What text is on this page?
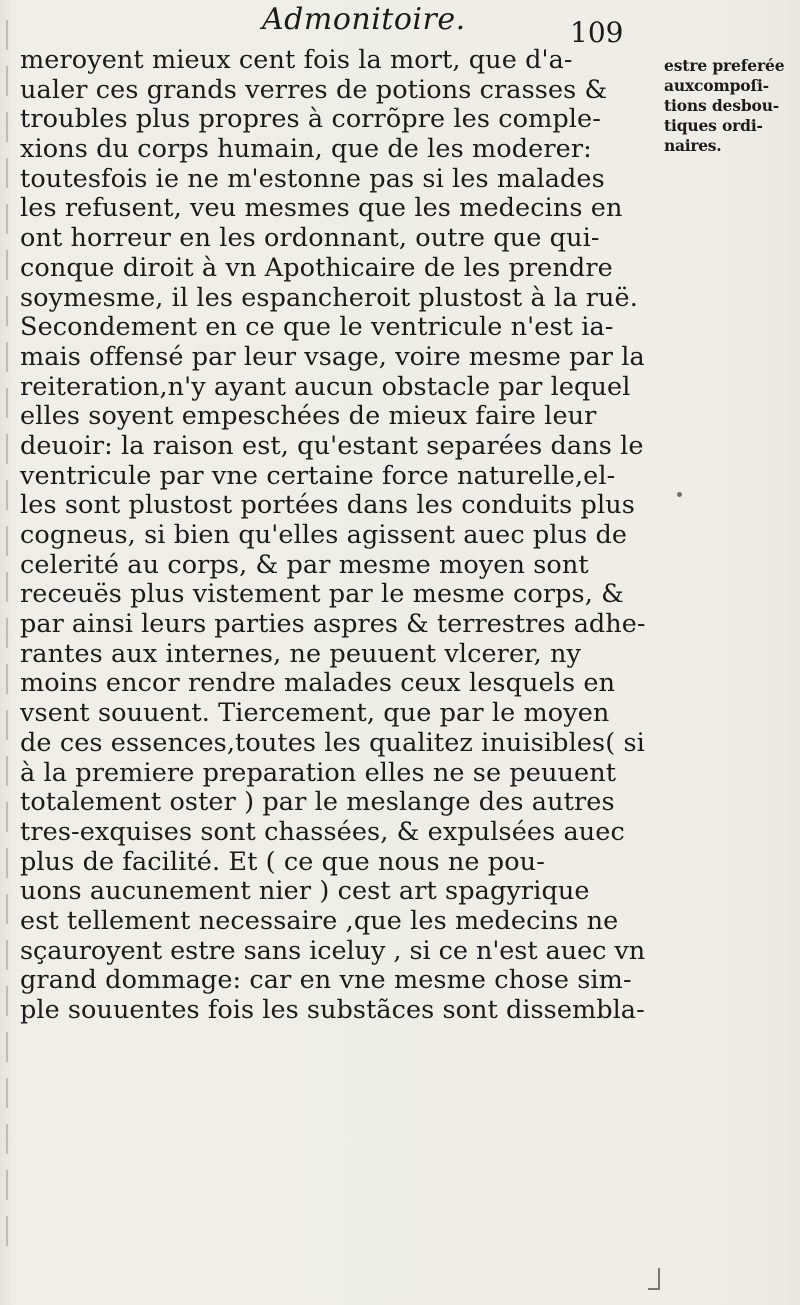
Admonitoire.	109
meroyent mieux cent fois la mort, que d'a-
ualer ces grands verres de potions crasses &
troubles plus propres à corrõpre les comple-
xions du corps humain, que de les moderer:
toutesfois ie ne m'estonne pas si les malades
les refusent, veu mesmes que les medecins en
ont horreur en les ordonnant, outre que qui-
conque diroit à vn Apothicaire de les prendre
soymesme, il les espancheroit plustost à la ruë.
Secondement en ce que le ventricule n'est ia-
mais offensé par leur vsage, voire mesme par la
reiteration,n'y ayant aucun obstacle par lequel
elles soyent empeschées de mieux faire leur
deuoir: la raison est, qu'estant separées dans le
ventricule par vne certaine force naturelle,el-
les sont plustost portées dans les conduits plus
cogneus, si bien qu'elles agissent auec plus de
celerité au corps, & par mesme moyen sont
receuës plus vistement par le mesme corps, &
par ainsi leurs parties aspres & terrestres adhe-
rantes aux internes, ne peuuent vlcerer, ny
moins encor rendre malades ceux lesquels en
vsent souuent. Tiercement, que par le moyen
de ces essences,toutes les qualitez inuisibles( si
à la premiere preparation elles ne se peuuent
totalement oster ) par le meslange des autres
tres-exquises sont chassées, & expulsées auec
plus de facilité. Et ( ce que nous ne pou-
uons aucunement nier ) cest art spagyrique
est tellement necessaire ,que les medecins ne
sçauroyent estre sans iceluy , si ce n'est auec vn
grand dommage: car en vne mesme chose sim-
ple souuentes fois les substãces sont dissembla-
estre preferée
auxcompoſi-
tions desbou-
tiques ordi-
naires.
